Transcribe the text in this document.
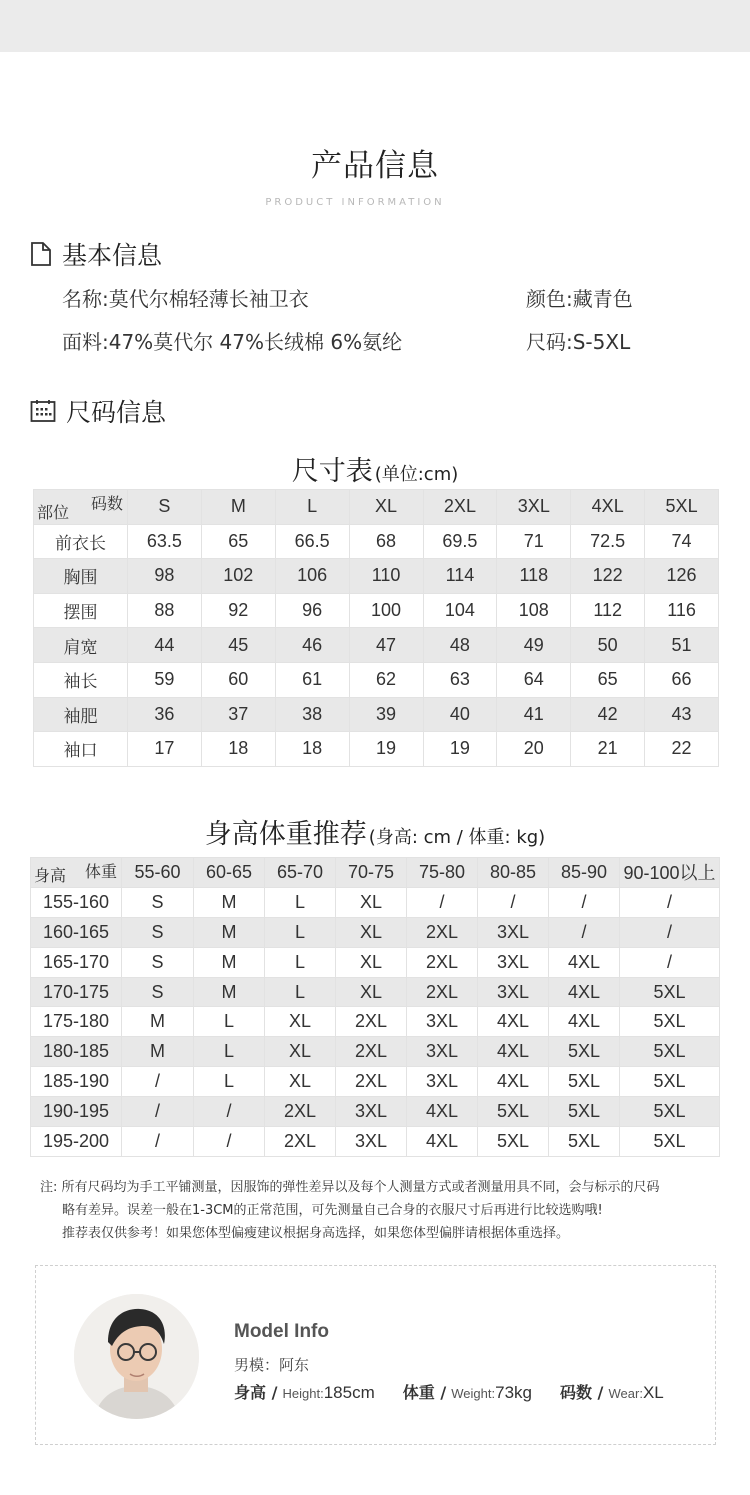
产品信息
PRODUCT INFORMATION
基本信息
名称:莫代尔棉轻薄长袖卫衣	颜色:藏青色
面料:47%莫代尔 47%长绒棉 6%氨纶	尺码:S-5XL
尺码信息
尺寸表 (单位:cm)
码数
部位	S	M	L	XL	2XL	3XL	4XL	5XL
前衣长	63.5	65	66.5	68	69.5	71	72.5	74
胸围	98	102	106	110	114	118	122	126
摆围	88	92	96	100	104	108	112	116
肩宽	44	45	46	47	48	49	50	51
袖长	59	60	61	62	63	64	65	66
袖肥	36	37	38	39	40	41	42	43
袖口	17	18	18	19	19	20	21	22
身高体重推荐 (身高: cm / 体重: kg)
体重
身高	55-60	60-65	65-70	70-75	75-80	80-85	85-90	90-100以上
155-160	S	M	L	XL	/	/	/	/
160-165	S	M	L	XL	2XL	3XL	/	/
165-170	S	M	L	XL	2XL	3XL	4XL	/
170-175	S	M	L	XL	2XL	3XL	4XL	5XL
175-180	M	L	XL	2XL	3XL	4XL	4XL	5XL
180-185	M	L	XL	2XL	3XL	4XL	5XL	5XL
185-190	/	L	XL	2XL	3XL	4XL	5XL	5XL
190-195	/	/	2XL	3XL	4XL	5XL	5XL	5XL
195-200	/	/	2XL	3XL	4XL	5XL	5XL	5XL
注: 所有尺码均为手工平铺测量，因服饰的弹性差异以及每个人测量方式或者测量用具不同，会与标示的尺码
略有差异。误差一般在1-3CM的正常范围，可先测量自己合身的衣服尺寸后再进行比较选购哦!
推荐表仅供参考！如果您体型偏瘦建议根据身高选择，如果您体型偏胖请根据体重选择。
Model Info
男模：阿东
身高 /
Height: 185cm 体重 /
Weight: 73kg 码数 /
Wear: XL
